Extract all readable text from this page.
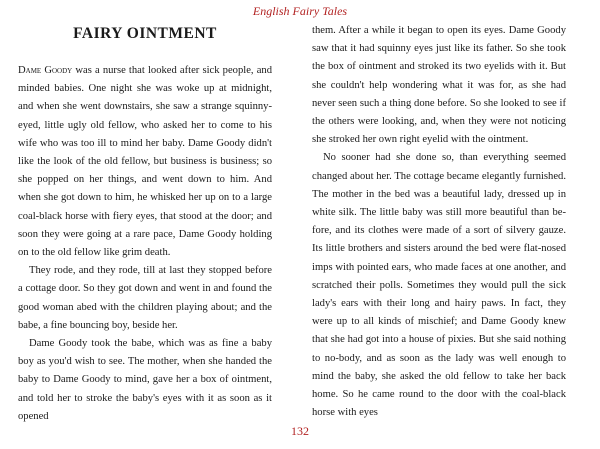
English Fairy Tales
FAIRY OINTMENT

Dame Goody was a nurse that looked after sick people, and minded babies. One night she was woke up at midnight, and when she went downstairs, she saw a strange squinny-eyed, little ugly old fellow, who asked her to come to his wife who was too ill to mind her baby. Dame Goody didn't like the look of the old fellow, but business is business; so she popped on her things, and went down to him. And when she got down to him, he whisked her up on to a large coal-black horse with fiery eyes, that stood at the door; and soon they were going at a rare pace, Dame Goody holding on to the old fellow like grim death.

They rode, and they rode, till at last they stopped before a cottage door. So they got down and went in and found the good woman abed with the children playing about; and the babe, a fine bouncing boy, beside her.

Dame Goody took the babe, which was as fine a baby boy as you'd wish to see. The mother, when she handed the baby to Dame Goody to mind, gave her a box of ointment, and told her to stroke the baby's eyes with it as soon as it opened

them. After a while it began to open its eyes. Dame Goody saw that it had squinny eyes just like its father. So she took the box of ointment and stroked its two eyelids with it. But she couldn't help wondering what it was for, as she had never seen such a thing done before. So she looked to see if the others were looking, and, when they were not noticing she stroked her own right eyelid with the ointment.

No sooner had she done so, than everything seemed changed about her. The cottage became elegantly furnished. The mother in the bed was a beautiful lady, dressed up in white silk. The little baby was still more beautiful than be-fore, and its clothes were made of a sort of silvery gauze. Its little brothers and sisters around the bed were flat-nosed imps with pointed ears, who made faces at one another, and scratched their polls. Sometimes they would pull the sick lady's ears with their long and hairy paws. In fact, they were up to all kinds of mischief; and Dame Goody knew that she had got into a house of pixies. But she said nothing to no-body, and as soon as the lady was well enough to mind the baby, she asked the old fellow to take her back home. So he came round to the door with the coal-black horse with eyes

132
